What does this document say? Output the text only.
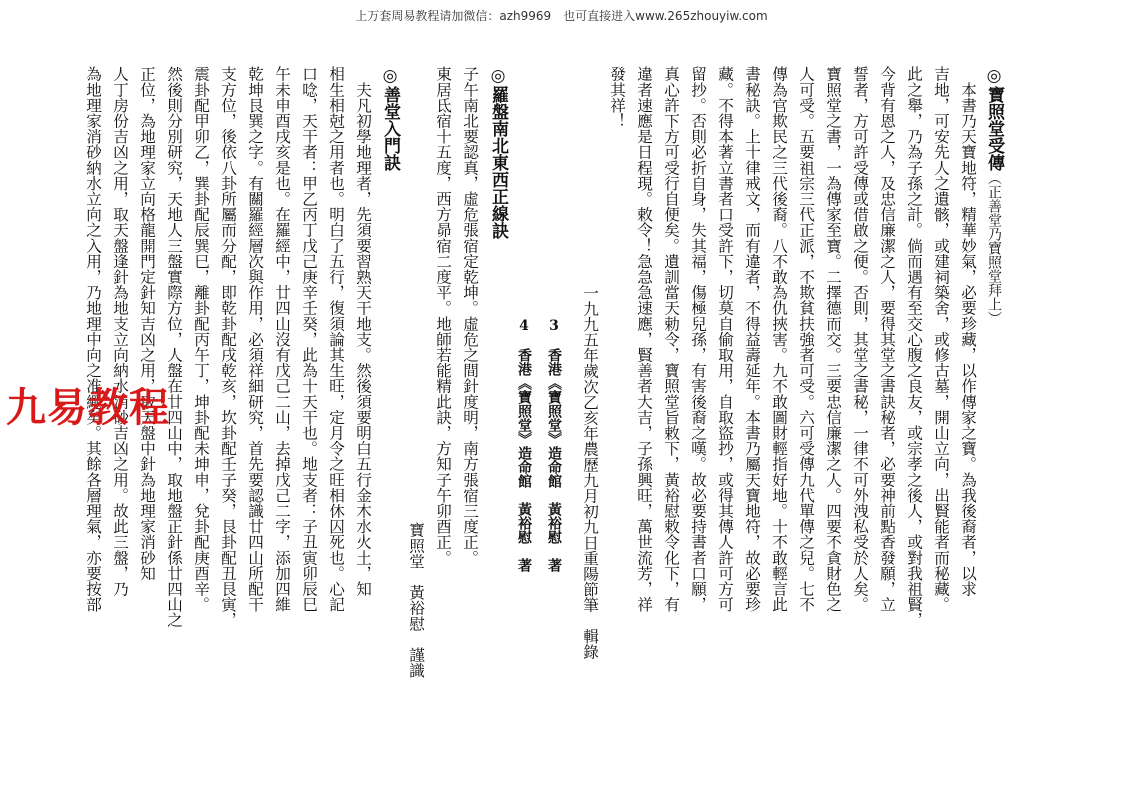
上万套周易教程请加微信：azh9969　也可直接进入www.265zhouyiw.com
◎寶照堂受傳（正善堂乃寶照堂拜上）
　本書乃天寶地符，精華妙氣，必要珍藏，以作傳家之寶。為我後裔者，以求
吉地，可安先人之遺骸，或建祠築舍，或修古墓，開山立向，出賢能者而秘藏。
此之舉，乃為子孫之計。倘而遇有至交心腹之良友，或宗孝之後人，或對我祖賢，
今背有恩之人，及忠信廉潔之人，要得其堂之書訣秘者，必要神前點香發願，立
誓者，方可許受傳或借啟之便。否則，其堂之書秘，一律不可外洩私受於人矣。
寶照堂之書，一為傳家至寶。二擇德而交。三要忠信廉潔之人。四要不貪財色之
人可受。五要祖宗三代正派，不欺貧扶強者可受。六可受傳九代單傳之兒。七不
傳為官欺民之三代後裔。八不敢為仇挾害。九不敢圖財輕指好地。十不敢輕言此
書秘訣。上十律戒文，而有違者，不得益壽延年。本書乃屬天寶地符，故必要珍
藏。不得本著立書者口受許下，切莫自偷取用，自取盜抄，或得其傳人許可方可
留抄。否則必折自身，失其福，傷極兒孫，有害後裔之嘆。故必要持書者口願，
真心許下方可受行自便矣。遺訓當天勅令，寶照堂旨敕下，黃裕慰敕令化下，有
違者速應是日程現。敕令！急急急速應，賢善者大吉，子孫興旺，萬世流芳，祥
發其祥！
一九九五年歲次乙亥年農歷九月初九日重陽節筆　輯錄
3　香港《寶照堂》造命館　黃裕慰　著
4　香港《寶照堂》造命館　黃裕慰　著
◎羅盤南北東西正線訣
子午南北要認真，虛危張宿定乾坤。虛危之間針度明，南方張宿三度正。
東居氐宿十五度，西方昴宿二度平。地師若能精此訣，方知子午卯酉正。
寶照堂　黃裕慰　謹識
◎善堂入門訣
　夫凡初學地理者，先須要習熟天干地支。然後須要明白五行金木水火土，知
相生相尅之用者也。明白了五行，復須論其生旺，定月令之旺相休囚死也。心記
口唸，天干者：甲乙丙丁戊己庚辛壬癸，此為十天干也。地支者：子丑寅卯辰巳
午未申酉戌亥是也。在羅經中，廿四山沒有戊己二山，去掉戊己二字，添加四維
乾坤艮巽之字。有關羅經層次與作用，必須祥細研究，首先要認識廿四山所配干
支方位，後依八卦所屬而分配，即乾卦配戌乾亥，坎卦配壬子癸，艮卦配丑艮寅，
震卦配甲卯乙，巽卦配辰巽巳，離卦配丙午丁，坤卦配未坤申，兌卦配庚酉辛。
然後則分別研究，天地人三盤實際方位，人盤在廿四山中，取地盤正針係廿四山之
正位，為地理家立向格龍開門定針知吉凶之用，取天盤中針為地理家消砂知
人丁房份吉凶之用，取天盤逢針為地支立向納水消砂吉凶之用。故此三盤，乃
為地理家消砂納水立向之入用，乃地理中向之准繩矣。其餘各層理氣，亦要按部
九易教程
